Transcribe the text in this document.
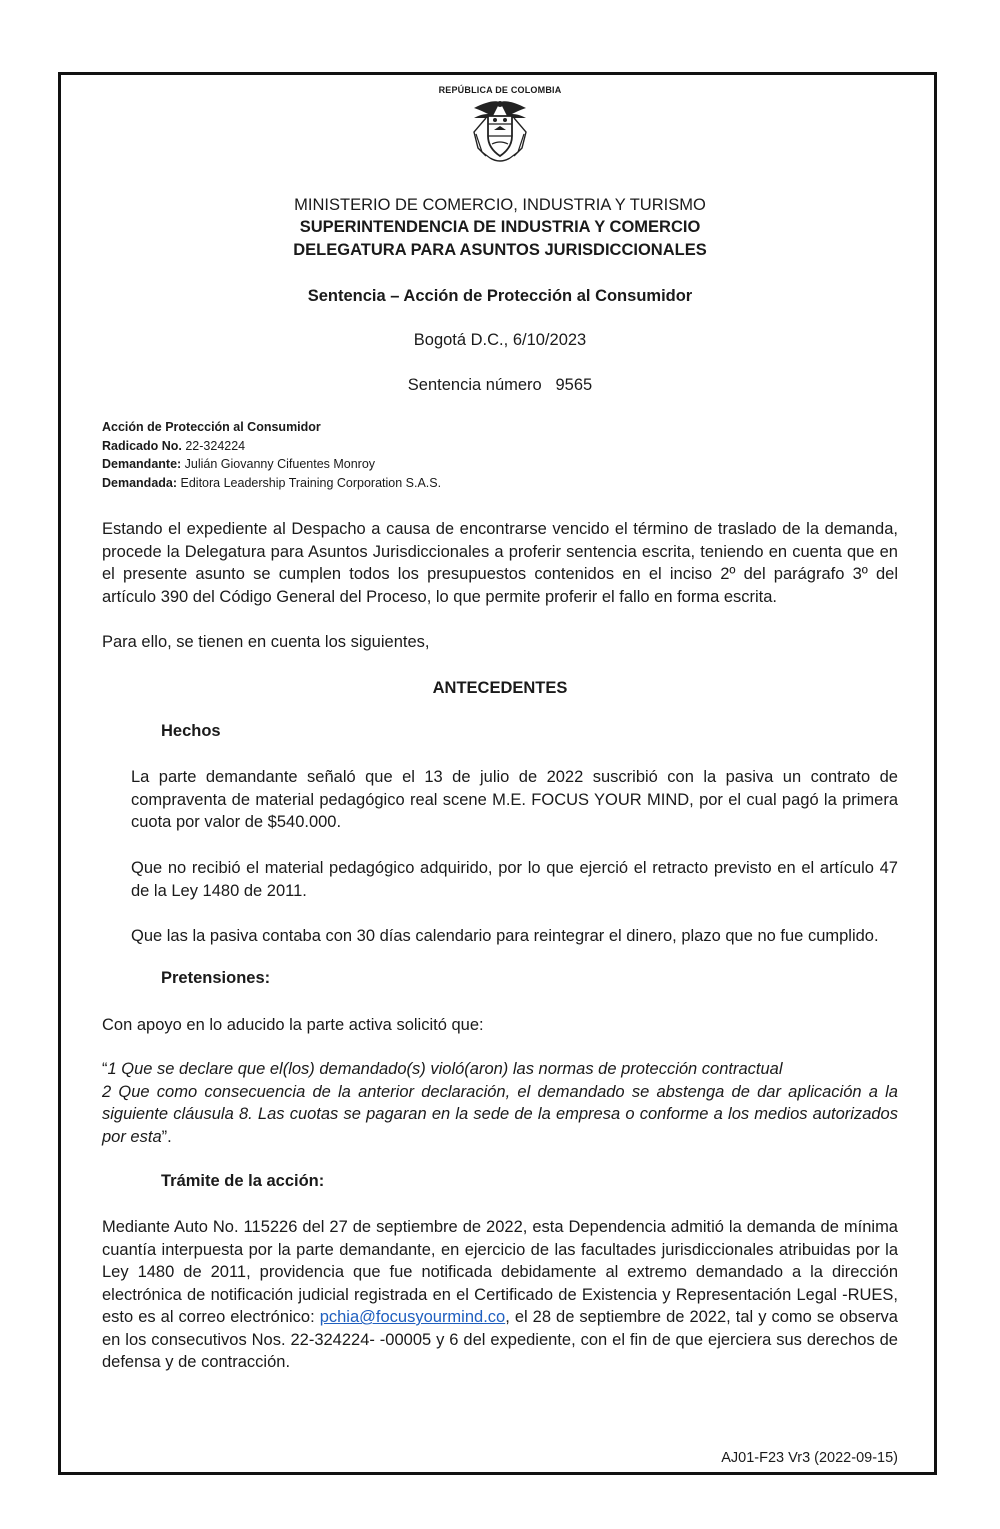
REPÚBLICA DE COLOMBIA
MINISTERIO DE COMERCIO, INDUSTRIA Y TURISMO
SUPERINTENDENCIA DE INDUSTRIA Y COMERCIO
DELEGATURA PARA ASUNTOS JURISDICCIONALES
Sentencia – Acción de Protección al Consumidor
Bogotá D.C., 6/10/2023
Sentencia número   9565
Acción de Protección al Consumidor
Radicado No. 22-324224
Demandante: Julián Giovanny Cifuentes Monroy
Demandada: Editora Leadership Training Corporation S.A.S.
Estando el expediente al Despacho a causa de encontrarse vencido el término de traslado de la demanda, procede la Delegatura para Asuntos Jurisdiccionales a proferir sentencia escrita, teniendo en cuenta que en el presente asunto se cumplen todos los presupuestos contenidos en el inciso 2º del parágrafo 3º del artículo 390 del Código General del Proceso, lo que permite proferir el fallo en forma escrita.
Para ello, se tienen en cuenta los siguientes,
ANTECEDENTES
Hechos
La parte demandante señaló que el 13 de julio de 2022 suscribió con la pasiva un contrato de compraventa de material pedagógico real scene M.E. FOCUS YOUR MIND, por el cual pagó la primera cuota por valor de $540.000.
Que no recibió el material pedagógico adquirido, por lo que ejerció el retracto previsto en el artículo 47 de la Ley 1480 de 2011.
Que las la pasiva contaba con 30 días calendario para reintegrar el dinero, plazo que no fue cumplido.
Pretensiones:
Con apoyo en lo aducido la parte activa solicitó que:
“1 Que se declare que el(los) demandado(s) violó(aron) las normas de protección contractual
2 Que como consecuencia de la anterior declaración, el demandado se abstenga de dar aplicación a la siguiente cláusula 8. Las cuotas se pagaran en la sede de la empresa o conforme a los medios autorizados por esta”.
Trámite de la acción:
Mediante Auto No. 115226 del 27 de septiembre de 2022, esta Dependencia admitió la demanda de mínima cuantía interpuesta por la parte demandante, en ejercicio de las facultades jurisdiccionales atribuidas por la Ley 1480 de 2011, providencia que fue notificada debidamente al extremo demandado a la dirección electrónica de notificación judicial registrada en el Certificado de Existencia y Representación Legal -RUES, esto es al correo electrónico: pchia@focusyourmind.co, el 28 de septiembre de 2022, tal y como se observa en los consecutivos Nos. 22-324224- -00005 y 6 del expediente, con el fin de que ejerciera sus derechos de defensa y de contracción.
AJ01-F23 Vr3 (2022-09-15)
